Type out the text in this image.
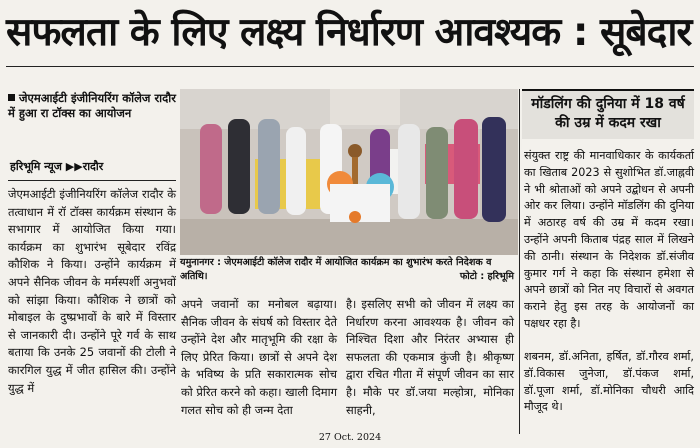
सफलता के लिए लक्ष्य निर्धारण आवश्यक : सूबेदार
जेएमआईटी इंजीनियरिंग कॉलेज रादौर में हुआ रा टॉक्स का आयोजन
हरिभूमि न्यूज ▶▶रादौर
जेएमआईटी इंजीनियरिंग कॉलेज रादौर के तत्वाधान में रॉ टॉक्स कार्यक्रम संस्थान के सभागार में आयोजित किया गया। कार्यक्रम का शुभारंभ सूबेदार रविंद्र कौशिक ने किया। उन्होंने कार्यक्रम में अपने सैनिक जीवन के मर्मस्पर्शी अनुभवों को सांझा किया। कौशिक ने छात्रों को मोबाइल के दुष्प्रभावों के बारे में विस्तार से जानकारी दी। उन्होंने पूरे गर्व के साथ बताया कि उनके 25 जवानों की टोली ने कारगिल युद्ध में जीत हासिल की। उन्होंने युद्ध में
अपने जवानों का मनोबल बढ़ाया। सैनिक जीवन के संघर्ष को विस्तार देते उन्होंने देश और मातृभूमि की रक्षा के लिए प्रेरित किया। छात्रों से अपने देश के भविष्य के प्रति सकारात्मक सोच को प्रेरित करने को कहा। खाली दिमाग गलत सोच को ही जन्म देता
है। इसलिए सभी को जीवन में लक्ष्य का निर्धारण करना आवश्यक है। जीवन को निश्चित दिशा और निरंतर अभ्यास ही सफलता की एकमात्र कुंजी है। श्रीकृष्ण द्वारा रचित गीता में संपूर्ण जीवन का सार है। मौके पर डॉ.जया मल्होत्रा, मोनिका साहनी,
यमुनानगर : जेएमआईटी कॉलेज रादौर में आयोजित कार्यक्रम का शुभारंभ करते निदेशक व अतिथि।	फोटो : हरिभूमि
मॉडलिंग की दुनिया में 18 वर्ष की उम्र में कदम रखा
संयुक्त राष्ट्र की मानवाधिकार के कार्यकर्ता का खिताब 2023 से सुशोभित डॉ.जाह्नवी ने भी श्रोताओं को अपने उद्बोधन से अपनी ओर कर लिया। उन्होंने मॉडलिंग की दुनिया में अठारह वर्ष की उम्र में कदम रखा। उन्होंने अपनी किताब पंद्रह साल में लिखने की ठानी। संस्थान के निदेशक डॉ.संजीव कुमार गर्ग ने कहा कि संस्थान हमेशा से अपने छात्रों को नित नए विचारों से अवगत कराने हेतु इस तरह के आयोजनों का पक्षधर रहा है।
शबनम, डॉ.अनिता, हर्षित, डॉ.गौरव शर्मा, डॉ.विकास जुनेजा, डॉ.पंकज शर्मा, डॉ.पूजा शर्मा, डॉ.मोनिका चौधरी आदि मौजूद थे।
27 Oct. 2024
